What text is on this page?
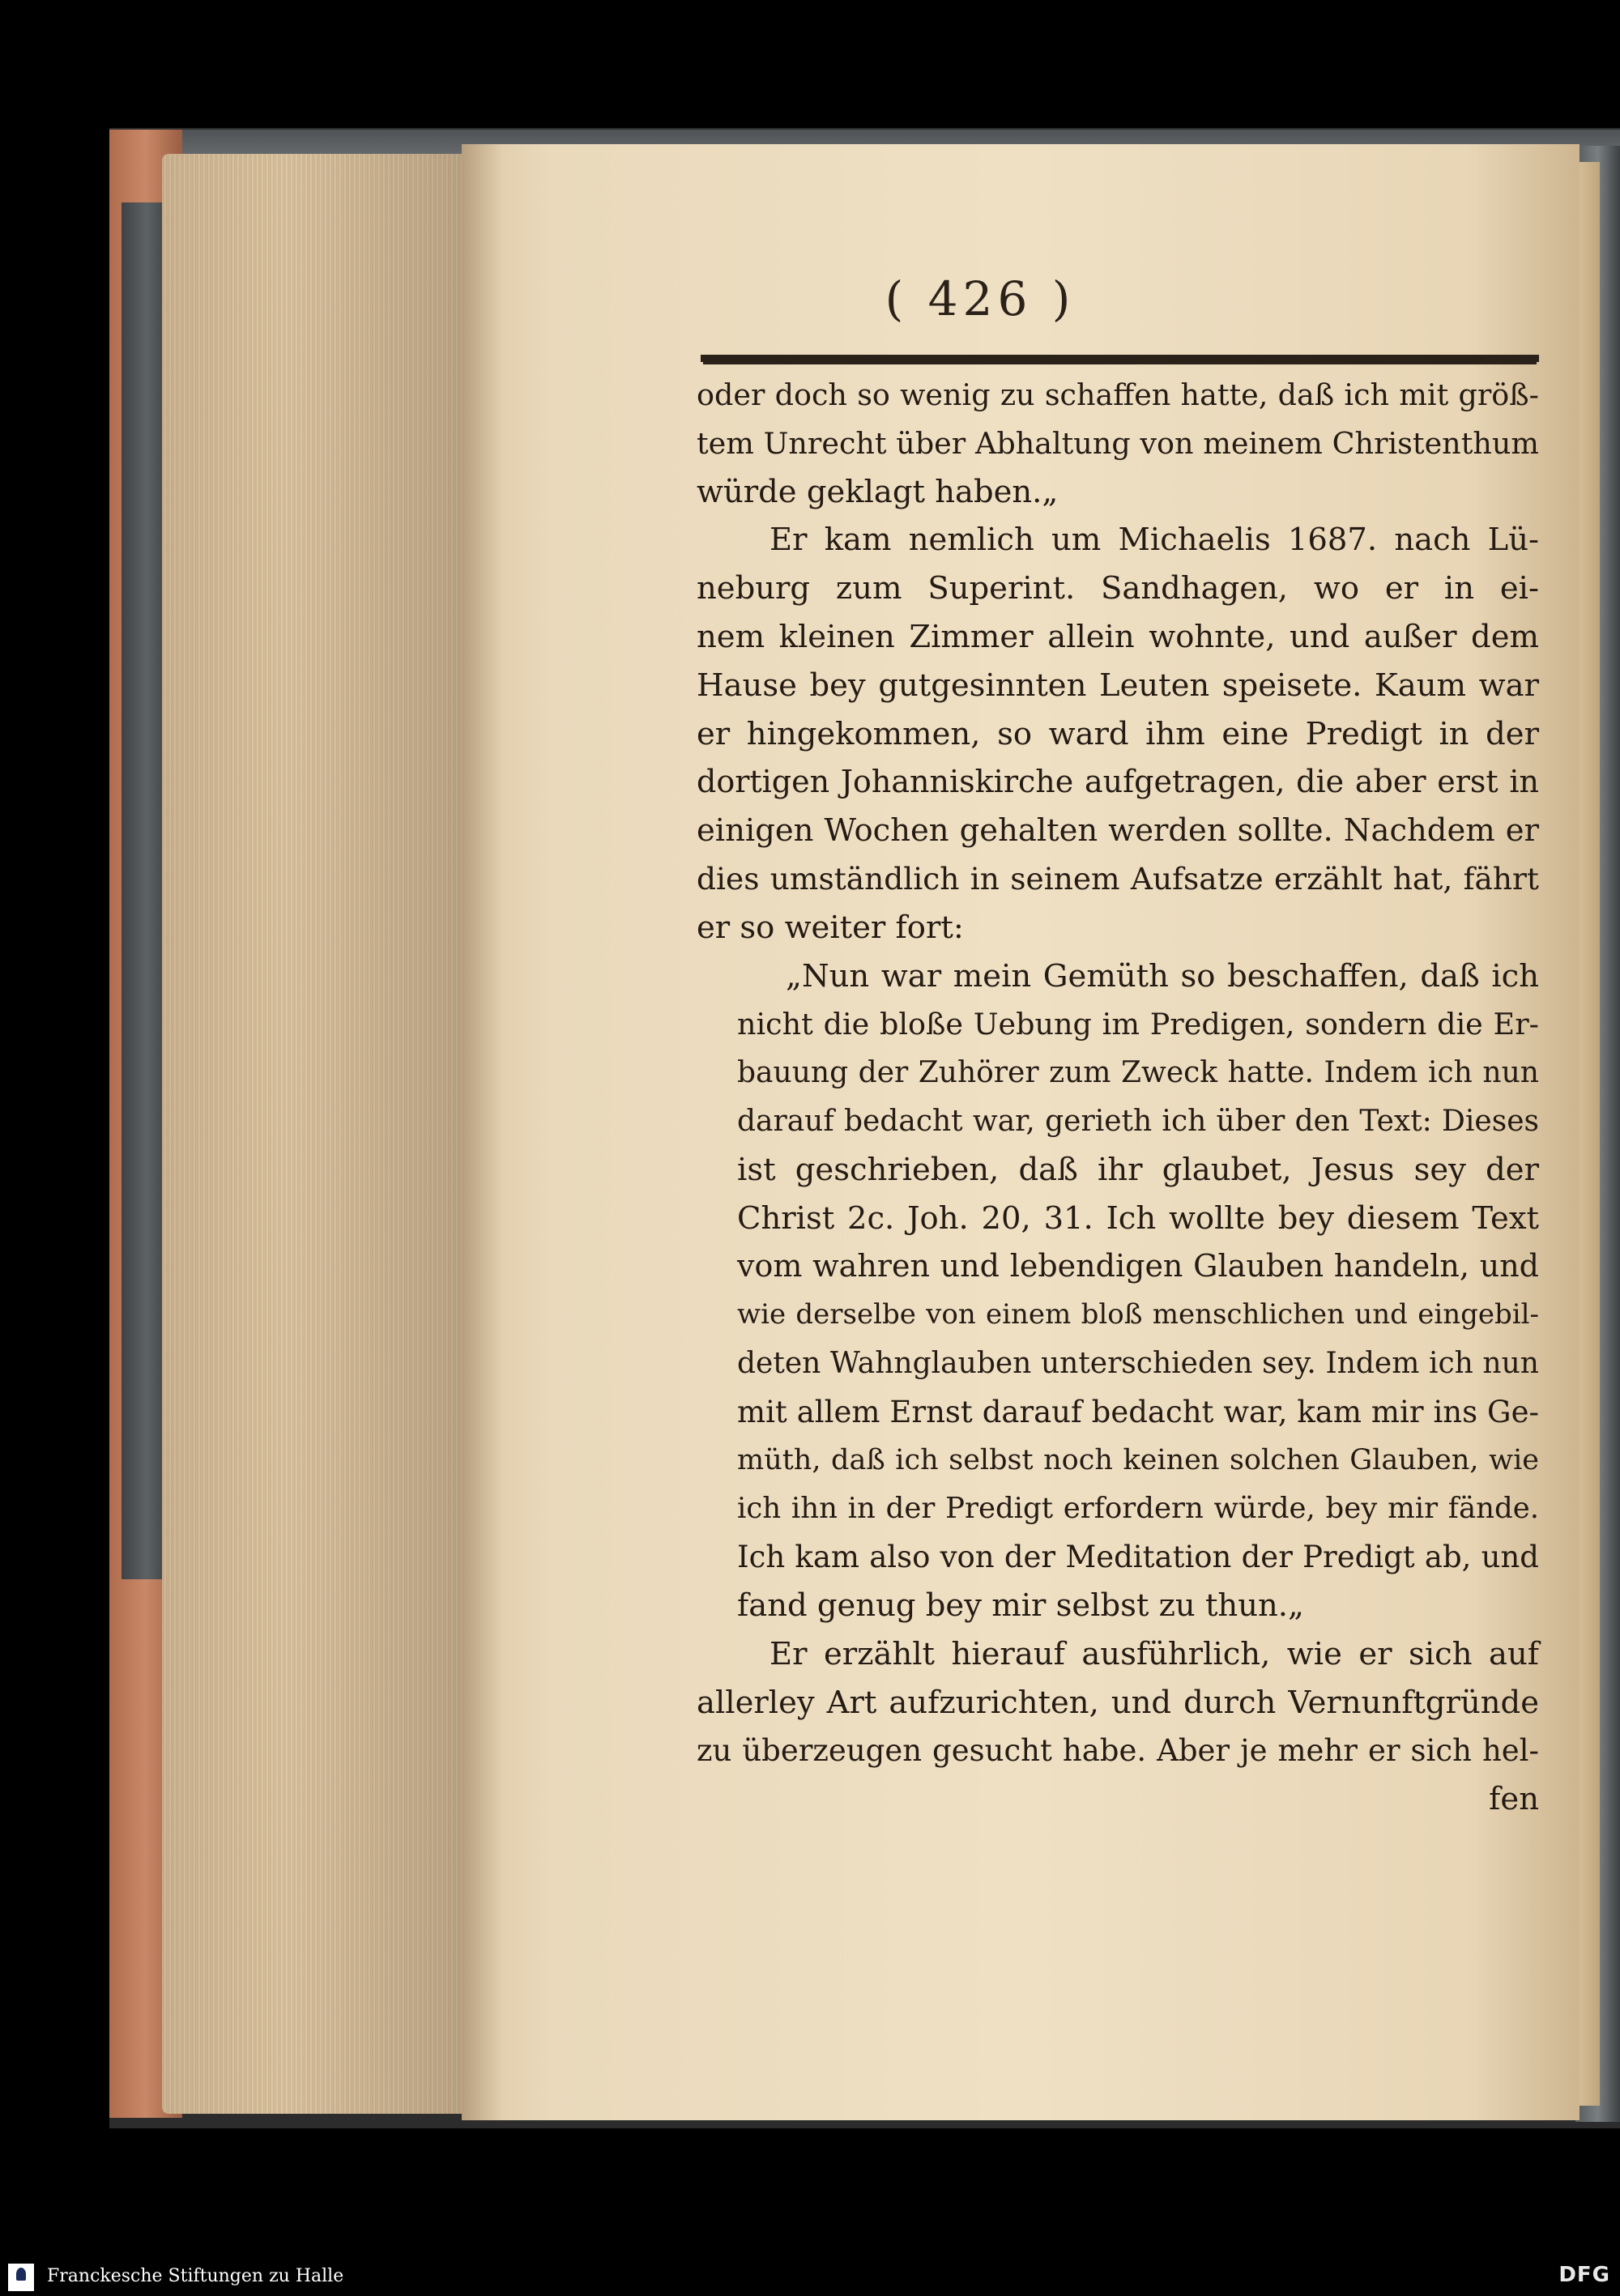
( 426 )
oder doch so wenig zu schaffen hatte, daß ich mit größ-
tem Unrecht über Abhaltung von meinem Christenthum
würde geklagt haben.„
Er kam nemlich um Michaelis 1687. nach Lü-
neburg zum Superint. Sandhagen, wo er in ei-
nem kleinen Zimmer allein wohnte, und außer dem
Hause bey gutgesinnten Leuten speisete. Kaum war
er hingekommen, so ward ihm eine Predigt in der
dortigen Johanniskirche aufgetragen, die aber erst in
einigen Wochen gehalten werden sollte. Nachdem er
dies umständlich in seinem Aufsatze erzählt hat, fährt
er so weiter fort:
„Nun war mein Gemüth so beschaffen, daß ich
nicht die bloße Uebung im Predigen, sondern die Er-
bauung der Zuhörer zum Zweck hatte. Indem ich nun
darauf bedacht war, gerieth ich über den Text: Dieses
ist geschrieben, daß ihr glaubet, Jesus sey der
Christ 2c. Joh. 20, 31. Ich wollte bey diesem Text
vom wahren und lebendigen Glauben handeln, und
wie derselbe von einem bloß menschlichen und eingebil-
deten Wahnglauben unterschieden sey. Indem ich nun
mit allem Ernst darauf bedacht war, kam mir ins Ge-
müth, daß ich selbst noch keinen solchen Glauben, wie
ich ihn in der Predigt erfordern würde, bey mir fände.
Ich kam also von der Meditation der Predigt ab, und
fand genug bey mir selbst zu thun.„
Er erzählt hierauf ausführlich, wie er sich auf
allerley Art aufzurichten, und durch Vernunftgründe
zu überzeugen gesucht habe. Aber je mehr er sich hel-
fen
Franckesche Stiftungen zu Halle	DFG
